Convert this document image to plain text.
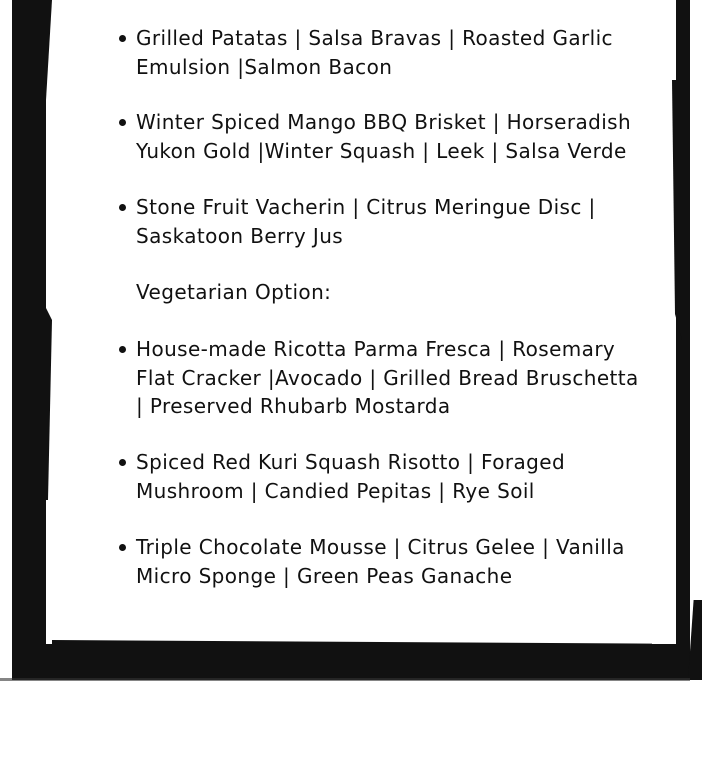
Grilled Patatas | Salsa Bravas | Roasted Garlic
Emulsion |Salmon Bacon
Winter Spiced Mango BBQ Brisket | Horseradish
Yukon Gold |Winter Squash | Leek | Salsa Verde
Stone Fruit Vacherin | Citrus Meringue Disc |
Saskatoon Berry Jus
Vegetarian Option:
House-made Ricotta Parma Fresca | Rosemary
Flat Cracker |Avocado | Grilled Bread Bruschetta
| Preserved Rhubarb Mostarda
Spiced Red Kuri Squash Risotto | Foraged
Mushroom | Candied Pepitas | Rye Soil
Triple Chocolate Mousse | Citrus Gelee | Vanilla
Micro Sponge | Green Peas Ganache
